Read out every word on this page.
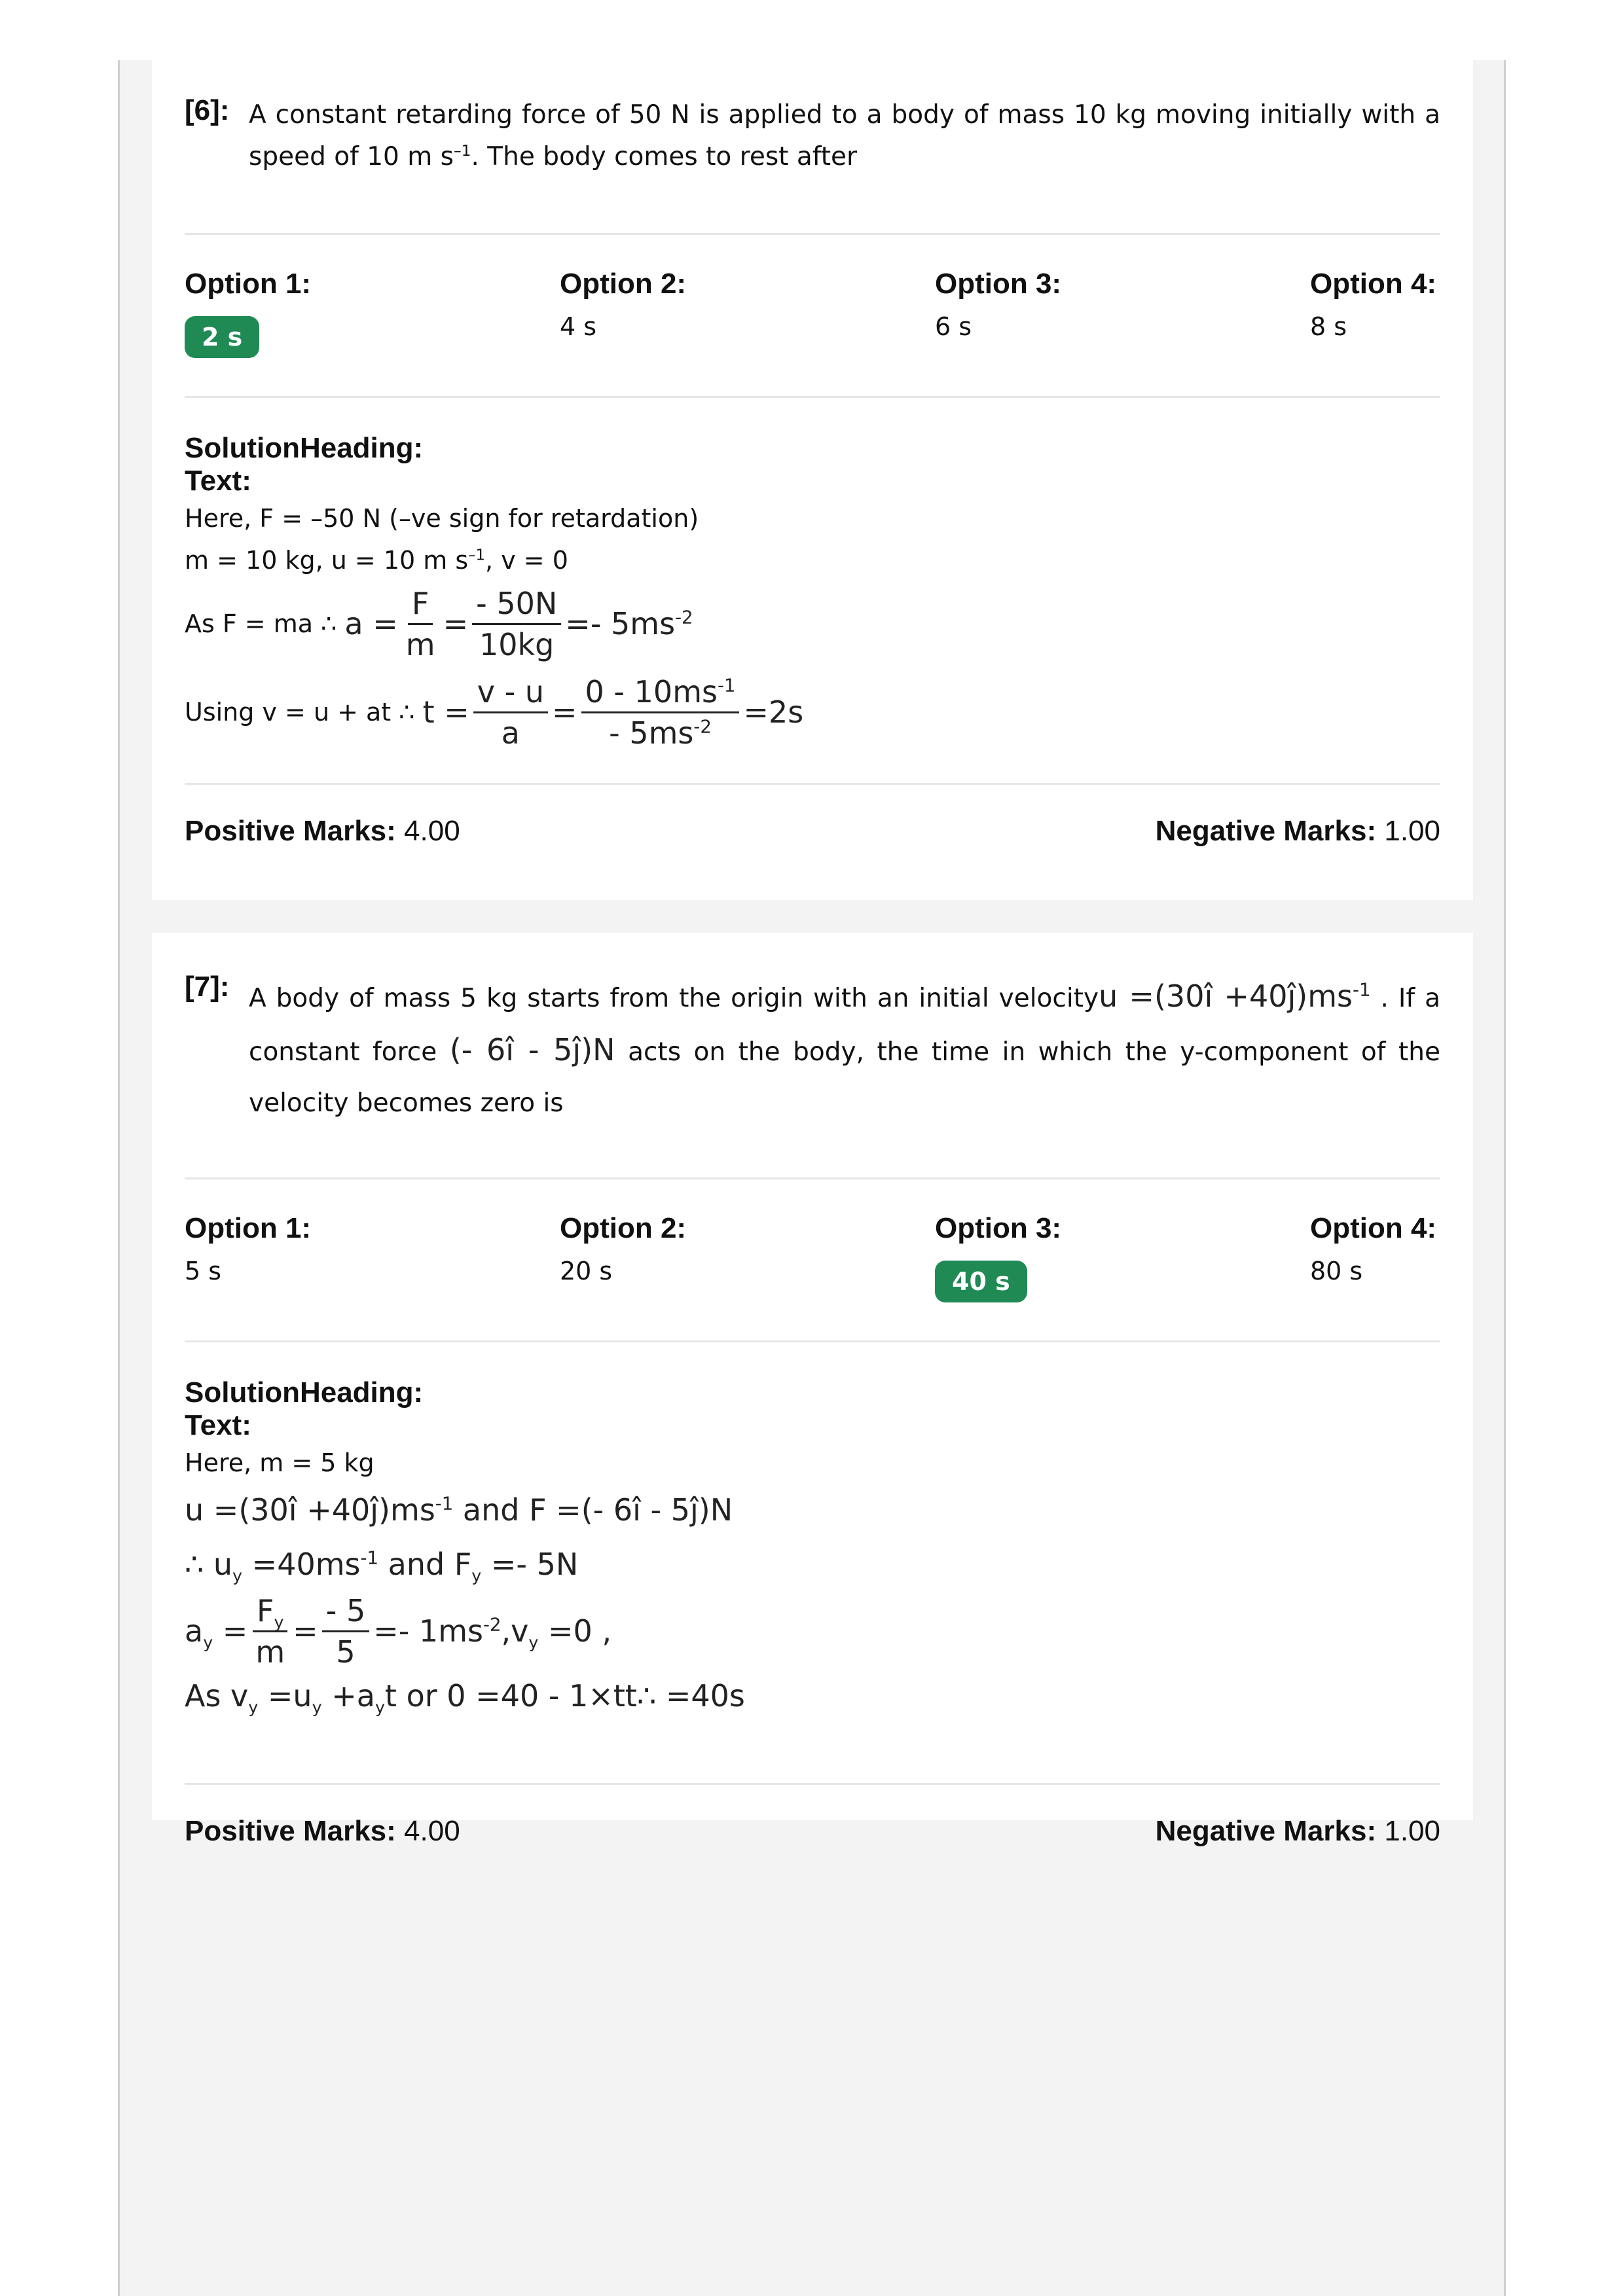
[6]: A constant retarding force of 50 N is applied to a body of mass 10 kg moving initially with a speed of 10 m $s^{-1}$. The body comes to rest after
Option 1:
2 s
Option 2:
4 s
Option 3:
6 s
Option 4:
8 s
SolutionHeading:
Text:
Here, F = –50 N (–ve sign for retardation)
m = 10 kg, u = 10 m $s^{-1}$, v = 0
As F = ma ∴
$a = \frac{F}{m} = \frac{- 50N}{10kg} =- 5ms^{-2}$
Using v = u + at ∴
$t = \frac{v - u}{a} = \frac{0 - 10ms^{-1}}{- 5ms^{-2}} =2s$
Positive Marks: 4.00	Negative Marks: 1.00
[7]: A body of mass 5 kg starts from the origin with an initial velocityu =(30î $+40ĵ)ms^{-1}$ . If a constant force (- 6î - 5ĵ)N acts on the body, the time in which the y-component of the velocity becomes zero is
Option 1:
5 s
Option 2:
20 s
Option 3:
40 s
Option 4:
80 s
SolutionHeading:
Text:
Here, m = 5 kg
u =(30î $+40ĵ)ms^{-1}$ and F =(- 6î - 5ĵ)N
∴ $u_y =40ms^{-1}$ and $F_y =- 5N$
$a_y = \frac{F_y}{m} = \frac{- 5}{5} =- 1ms^{-2},v_y =0$ ,
As $v_y =u_y +a_yt$ or 0 =40 - 1×tt∴ =40s
Positive Marks: 4.00	Negative Marks: 1.00
